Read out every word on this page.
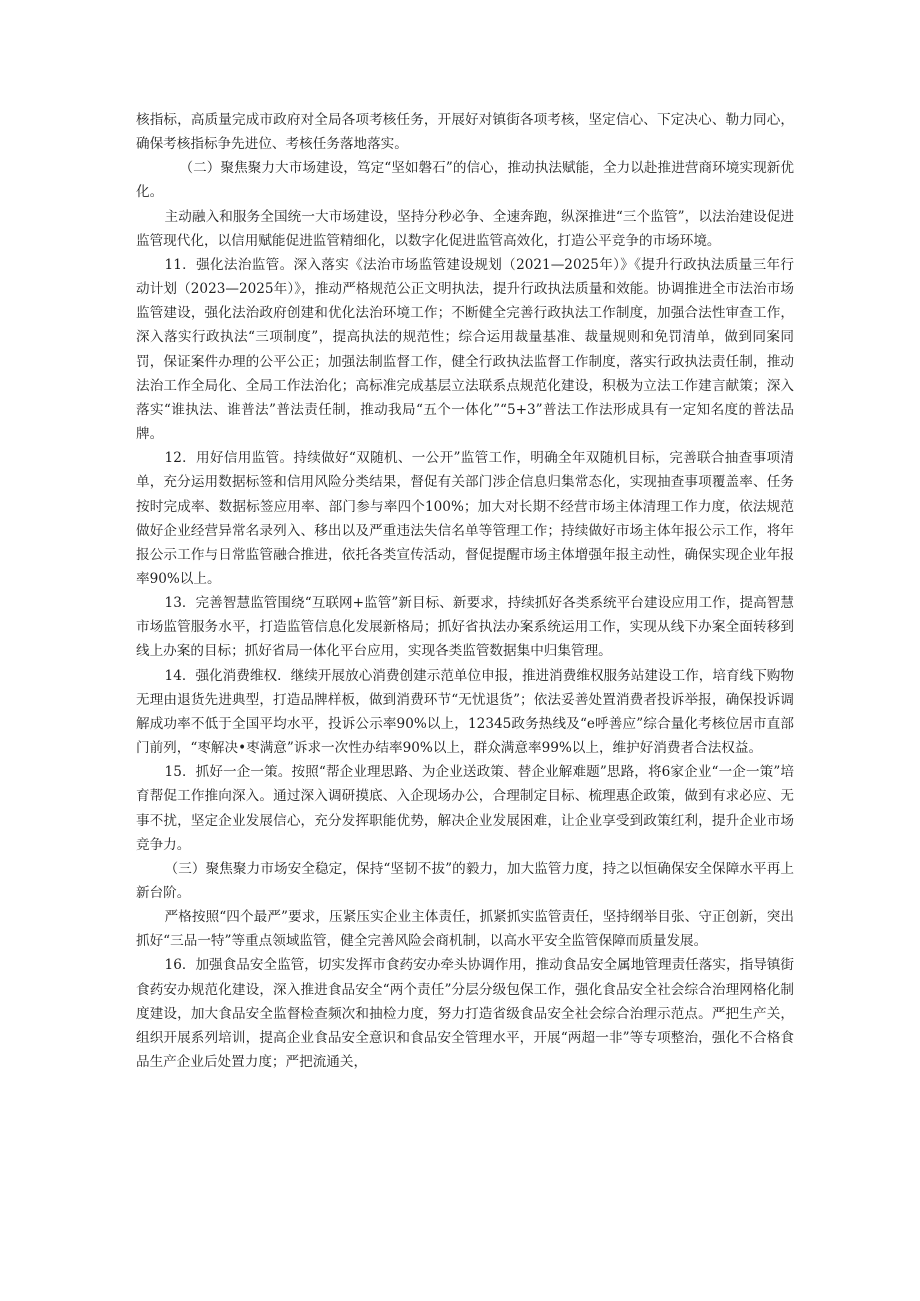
核指标，高质量完成市政府对全局各项考核任务，开展好对镇街各项考核，坚定信心、下定决心、勒力同心，确保考核指标争先进位、考核任务落地落实。

（二）聚焦聚力大市场建设，笃定“坚如磐石”的信心，推动执法赋能，全力以赴推进营商环境实现新优化。

主动融入和服务全国统一大市场建设，坚持分秒必争、全速奔跑，纵深推进“三个监管”，以法治建设促进监管现代化，以信用赋能促进监管精细化，以数字化促进监管高效化，打造公平竞争的市场环境。

11．强化法治监管。深入落实《法治市场监管建设规划（2021—2025年）》《提升行政执法质量三年行动计划（2023—2025年）》，推动严格规范公正文明执法，提升行政执法质量和效能。协调推进全市法治市场监管建设，强化法治政府创建和优化法治环境工作；不断健全完善行政执法工作制度，加强合法性审查工作，深入落实行政执法“三项制度”，提高执法的规范性；综合运用裁量基准、裁量规则和免罚清单，做到同案同罚，保证案件办理的公平公正；加强法制监督工作，健全行政执法监督工作制度，落实行政执法责任制，推动法治工作全局化、全局工作法治化；高标准完成基层立法联系点规范化建设，积极为立法工作建言献策；深入落实“谁执法、谁普法”普法责任制，推动我局“五个一体化”“5+3”普法工作法形成具有一定知名度的普法品牌。

12．用好信用监管。持续做好“双随机、一公开”监管工作，明确全年双随机目标，完善联合抽查事项清单，充分运用数据标签和信用风险分类结果，督促有关部门涉企信息归集常态化，实现抽查事项覆盖率、任务按时完成率、数据标签应用率、部门参与率四个100%；加大对长期不经营市场主体清理工作力度，依法规范做好企业经营异常名录列入、移出以及严重违法失信名单等管理工作；持续做好市场主体年报公示工作，将年报公示工作与日常监管融合推进，依托各类宣传活动，督促提醒市场主体增强年报主动性，确保实现企业年报率90%以上。

13．完善智慧监管围绕“互联网+监管”新目标、新要求，持续抓好各类系统平台建设应用工作，提高智慧市场监管服务水平，打造监管信息化发展新格局；抓好省执法办案系统运用工作，实现从线下办案全面转移到线上办案的目标；抓好省局一体化平台应用，实现各类监管数据集中归集管理。

14．强化消费维权．继续开展放心消费创建示范单位申报，推进消费维权服务站建设工作，培育线下购物无理由退货先进典型，打造品牌样板，做到消费环节“无忧退货”；依法妥善处置消费者投诉举报，确保投诉调解成功率不低于全国平均水平，投诉公示率90%以上，12345政务热线及“e呼善应”综合量化考核位居市直部门前列，“枣解决•枣满意”诉求一次性办结率90%以上，群众满意率99%以上，维护好消费者合法权益。

15．抓好一企一策。按照“帮企业理思路、为企业送政策、替企业解难题”思路，将6家企业“一企一策”培育帮促工作推向深入。通过深入调研摸底、入企现场办公，合理制定目标、梳理惠企政策，做到有求必应、无事不扰，坚定企业发展信心，充分发挥职能优势，解决企业发展困难，让企业享受到政策红利，提升企业市场竞争力。

（三）聚焦聚力市场安全稳定，保持“坚韧不拔”的毅力，加大监管力度，持之以恒确保安全保障水平再上新台阶。

严格按照“四个最严”要求，压紧压实企业主体责任，抓紧抓实监管责任，坚持纲举目张、守正创新，突出抓好“三品一特”等重点领域监管，健全完善风险会商机制，以高水平安全监管保障而质量发展。

16．加强食品安全监管，切实发挥市食药安办牵头协调作用，推动食品安全属地管理责任落实，指导镇街食药安办规范化建设，深入推进食品安全“两个责任”分层分级包保工作，强化食品安全社会综合治理网格化制度建设，加大食品安全监督检查频次和抽检力度，努力打造省级食品安全社会综合治理示范点。严把生产关，组织开展系列培训，提高企业食品安全意识和食品安全管理水平，开展“两超一非”等专项整治，强化不合格食品生产企业后处置力度；严把流通关，
